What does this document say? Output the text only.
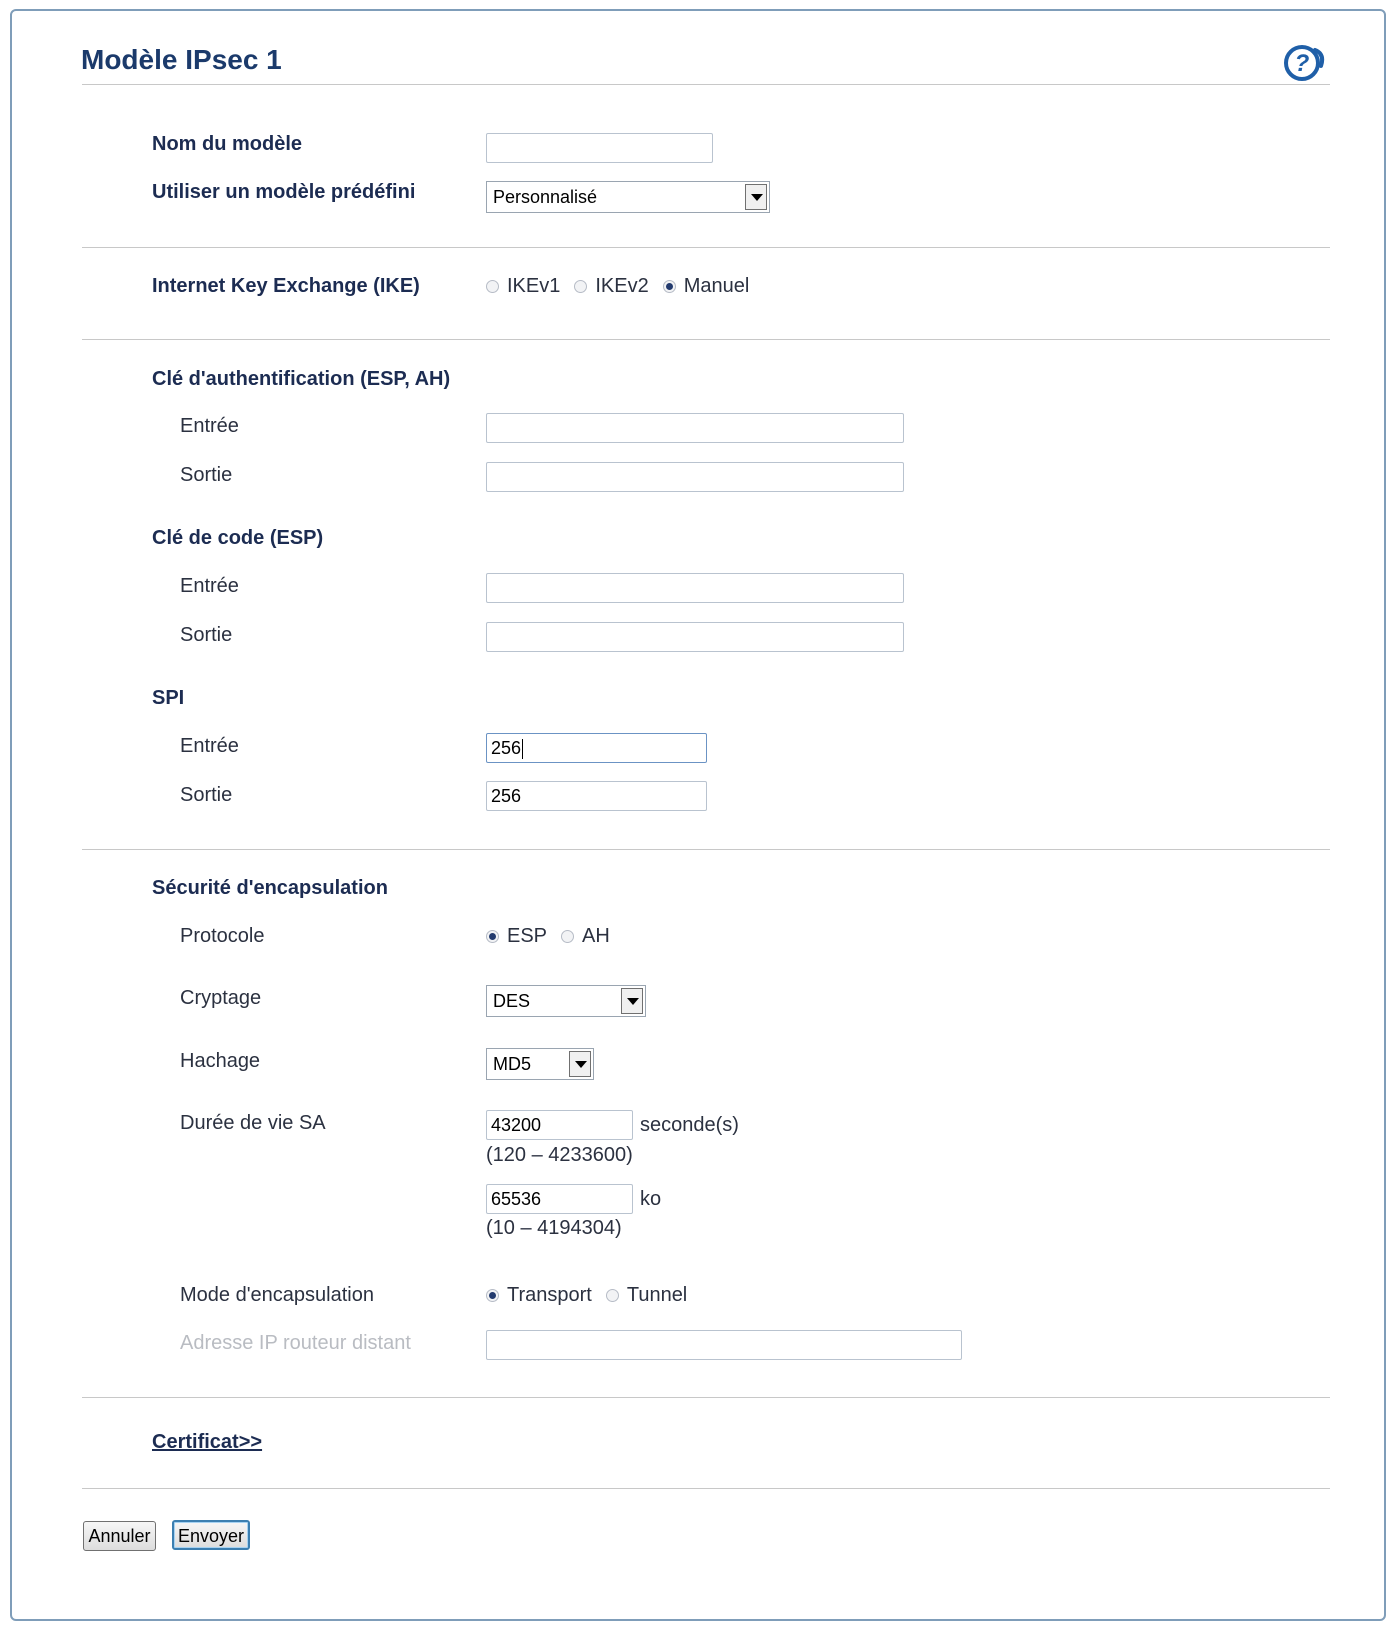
Modèle IPsec 1	?
Nom du modèle
Utiliser un modèle prédéfini	Personnalisé
Internet Key Exchange (IKE)	IKEv1 IKEv2 Manuel
Clé d'authentification (ESP, AH)
Entrée
Sortie
Clé de code (ESP)
Entrée
Sortie
SPI
Entrée	256
Sortie	256
Sécurité d'encapsulation
Protocole	ESP AH
Cryptage	DES
Hachage	MD5
Durée de vie SA	43200	seconde(s)
(120 – 4233600)
65536	ko
(10 – 4194304)
Mode d'encapsulation	Transport Tunnel
Adresse IP routeur distant
Certificat>>
Annuler	Envoyer
